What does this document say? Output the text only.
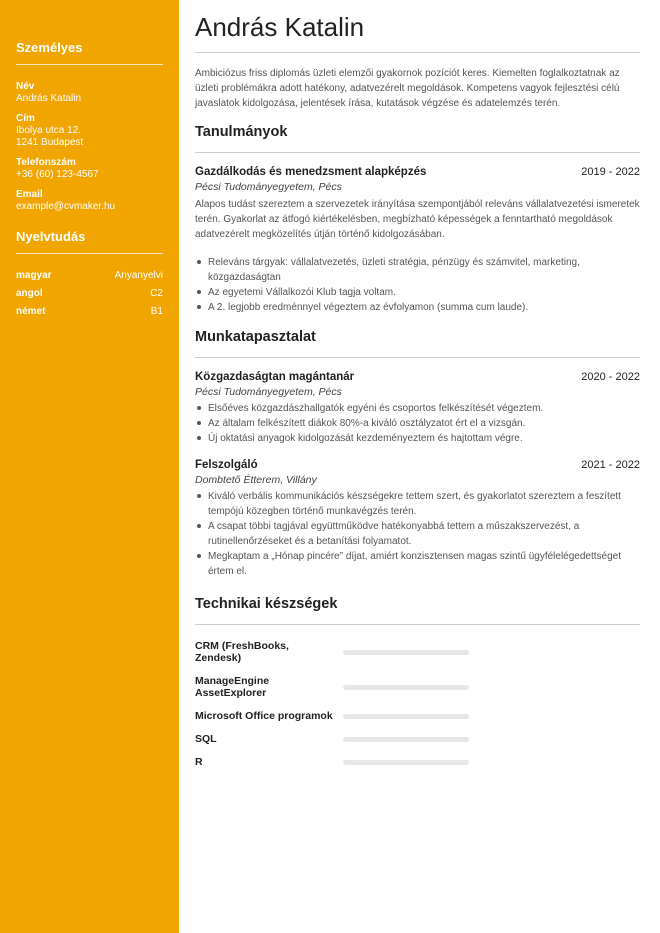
Személyes
Név
András Katalin
Cím
Ibolya utca 12.
1241 Budapest
Telefonszám
+36 (60) 123-4567
Email
example@cvmaker.hu
Nyelvtudás
magyar	Anyanyelvi
angol	C2
német	B1
András Katalin

Ambiciózus friss diplomás üzleti elemzői gyakornok pozíciót keres. Kiemelten foglalkoztatnak az üzleti problémákra adott hatékony, adatvezérelt megoldások. Kompetens vagyok fejlesztési célú javaslatok kidolgozása, jelentések írása, kutatások végzése és adatelemzés terén.

Tanulmányok
Gazdálkodás és menedzsment alapképzés	2019 - 2022
Pécsi Tudományegyetem, Pécs

Alapos tudást szereztem a szervezetek irányítása szempontjából releváns vállalatvezetési ismeretek terén. Gyakorlat az átfogó kiértékelésben, megbízható képességek a fenntartható megoldások adatvezérelt megközelítés útján történő kidolgozásában.

Releváns tárgyak: vállalatvezetés, üzleti stratégia, pénzügy és számvitel, marketing, közgazdaságtan
Az egyetemi Vállalkozói Klub tagja voltam.
A 2. legjobb eredménnyel végeztem az évfolyamon (summa cum laude).
Munkatapasztalat
Közgazdaságtan magántanár	2020 - 2022
Pécsi Tudományegyetem, Pécs
Elsőéves közgazdászhallgatók egyéni és csoportos felkészítését végeztem.
Az általam felkészített diákok 80%-a kiváló osztályzatot ért el a vizsgán.
Új oktatási anyagok kidolgozását kezdeményeztem és hajtottam végre.
Felszolgáló	2021 - 2022
Dombtető Étterem, Villány
Kiváló verbális kommunikációs készségekre tettem szert, és gyakorlatot szereztem a feszített tempójú közegben történő munkavégzés terén.
A csapat többi tagjával együttműködve hatékonyabbá tettem a műszakszervezést, a rutinellenőrzéseket és a betanítási folyamatot.
Megkaptam a „Hónap pincére” díjat, amiért konzisztensen magas szintű ügyfélelégedettséget értem el.
Technikai készségek
CRM (FreshBooks,
Zendesk)
ManageEngine
AssetExplorer
Microsoft Office programok
SQL
R
